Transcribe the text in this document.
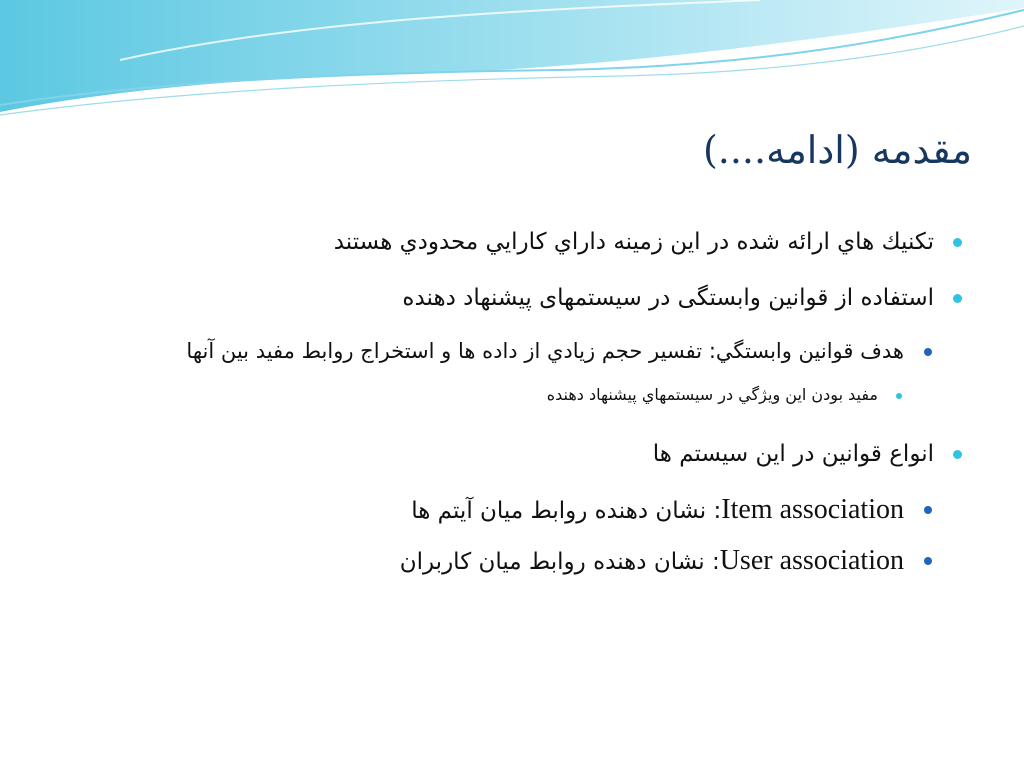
مقدمه (ادامه....)
تکنيك هاي ارائه شده در اين زمينه داراي کارايي محدودي هستند
استفاده از قوانین وابستگی در سیستمهای پیشنهاد دهنده
هدف قوانين وابستگي: تفسير حجم زيادي از داده ها و استخراج روابط مفيد بين آنها
مفيد بودن اين ويژگي در سيستمهاي پيشنهاد دهنده
انواع قوانين در اين سيستم ها
Item association: نشان دهنده روابط ميان آيتم ها
User association: نشان دهنده روابط ميان کاربران
